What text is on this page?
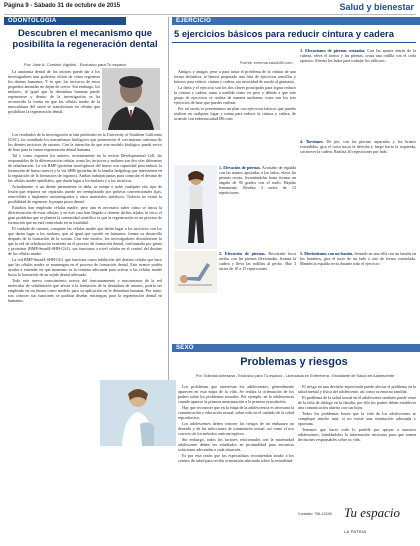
Página 9 - Sábado 31 de octubre de 2015	Salud y bienestar
ODONTOLOGÍA
Descubren el mecanismo que posibilita la regeneración dental
Por: José A. Corsinin Vigiolini - Exclusivo para Tu espacio

La anatomía dental de los ratones puede dar a los investigadores una poderosa visión de cómo regenerar los dientes humanos. Y es que, los incisivos de estos pequeños animales no dejan de crecer. Sin embargo, los molares, al igual que la dentadura humana puede regenerarse y dentro de la investigación se ha reconocido la forma en que las células madre de la musculatura del ratón se transforman en células que posibilitan la regeneración dental.

Los resultados de la investigación se han publicado en la University of Southern California (USC), los estudiado los mecanismos biológicos que promueven el crecimiento continuo de los dientes incisivos de ratones. Con la intención de que este modelo biológico pueda servir de base para la futura regeneración dental humana.

Tal y como exponen los autores, recientemente en la revista Developmental Cell, las responsables de la diferenciación celular como los incisivos y molares son dos vías diferentes de señalización. La vía BMP (proteína morfogénica del hueso con capacidad para inducir la formación de hueso nuevo) y la vía SHH (proteína de la familia hedgehog que intervienen en la regulación de la formación de órganos). Ambas trabajan juntas para controlar el destino de las células madre epiteliales, que darán lugar a los molares y a los incisivos.

Actualmente, si un diente permanente se daña, se rompe o sufre cualquier otro tipo de lesión que requiera ser reparado, puede ser reemplazado por prótesis convencionales fijas, removibles o implantes oseointegrados y otros materiales sintéticos. Todavía no existe la posibilidad de regenerar la propia pieza dental.

Estudios han empleado células madre, pero aún es necesario saber cómo se inicia la diferenciación de estas células; y en este caso han llegado a obtener dichos tejidos in vitro; el gran problema que se plantea la comunidad científica es que la regeneración es un proceso de formación que no está controlado en su totalidad.

El cuidado de ratones, comparte las células madre que darán lugar a los incisivos con los que darán lugar a los molares, que al igual que sucede en humanos, frenan su desarrollo después de la formación de la corona. Con este motivo, los investigadores descubrieron lo que la red de señalización existente en el proceso de formación dental, conformada por genes y proteínas (BMP-Smad4-SHH-Gli1), sus funciones a nivel celular en el control del destino de las células madre.

La red BMP-Smad4-SHH-Gli1 que funciona como inhibición del destino celular que hace que las células madre se mantengan en el proceso de formación dental. Este avance podría ayudar a entender en qué momento es la ventana adecuada para activar a las células madre hacia la formación de un tejido dental adecuado.

Todo este nuevo conocimiento acerca del funcionamiento y mecanismos de la red molecular de señalización que afecta a la formación de la dentadura de ratones, podría ser empleado en un futuro como modelo para su aplicación en la dentadura humana. Por tanto, tras conocer sus funciones se podrían diseñar estrategias para la regeneración dental en humanos.

EJERCICIO
5 ejercicios básicos para reducir cintura y cadera
Fuente: enforma.salud180.com

Amigos y amigas, pese a para tratar el problema de la cintura de una forma definitiva, te hemos preparado una lista de ejercicios sencillos y básicos para reducir cintura y cadera, sin necesidad de acudir al gimnasio.

La dieta y el ejercicio son los dos claves principales para lograr reducir la cintura y cadera, tanto a medida como en peso y debido a que este grupo de ejercicios se realiza de manera uniforme, estos son los tres ejercicios de base que puedes realizar.

Por tal razón, te presentamos un plan con ejercicios básicos que puedes realizar en cualquier lugar y rutina para reducir la cintura y cadera, de acuerdo con enforma.salud180.com:

1. Elevación de piernas. Acostado de espalda con las manos apoyadas a los lados, eleva las piernas rectas, levantándolas hasta formar un ángulo de 90 grados con el suelo. Bájalas lentamente. Realiza 3 series de 12 repeticiones.
2. Elevación de piernas. Recostado boca arriba, con las piernas flexionadas, levanta la cadera y lleva las rodillas al pecho. Haz 3 series de 10 a 15 repeticiones.
3. Elevaciones de piernas cruzadas. Con las manos detrás de la cabeza, eleva el tronco y las piernas, cruza una rodilla con el codo opuesto. Alterna los lados para trabajar los oblicuos.
4. Torsiones. De pie, con las piernas separadas y los brazos extendidos, gira el torso hacia la derecha y luego hacia la izquierda, sin mover la cadera. Realiza 20 repeticiones por lado.
5. Movimientos con un bastón. Sentado en una silla con un bastón en los hombros, gira el torso de un lado a otro de forma controlada. Mantén la espalda recta durante todo el ejercicio.
SEXO
Problemas y riesgos
Por: Soledad Antezana - Exclusivo para Tu espacio - Licenciada en Enfermería - Estudiante de Salud del Adolescente

Los problemas que atraviesan los adolescentes, generalmente aparecen en esta etapa de la vida. Se realiza la orientación de los padres sobre los problemas sexuales. Por ejemplo, en la adolescencia cuando aparece la primera menstruación o la primera eyaculación.

Hay que reconocer que en la etapa de la adolescencia es necesaria la comunicación y educación sexual, sobre todo en el cuidado de la salud reproductiva.

Los adolescentes deben conocer los riesgos de un embarazo no deseado y de las infecciones de transmisión sexual, así como el uso correcto de los métodos anticonceptivos.

Sin embargo, todos los factores relacionados con la maternidad adolescente deben ser estudiados en profundidad para encontrar soluciones adecuadas a cada situación.

Es por esta razón que los especialistas recomiendan acudir a los centros de salud para recibir orientación adecuada sobre la sexualidad.

El riesgo en una decisión equivocada puede afectar el problema en la salud mental y física del adolescente, así como su entorno familiar.

El problema de la salud sexual en el adolescente también puede venir de la falta de diálogo en la familia, por ello los padres deben establecer una comunicación abierta con sus hijos.

Todos los problemas hacen que la vida de los adolescentes se complique mucho más, si no existe una orientación adecuada y oportuna.

Tenemos que hacer todo lo posible por apoyar a nuestros adolescentes, brindándoles la información necesaria para que tomen decisiones responsables sobre su vida.

Contacto: 756-10245 Tu espacio
LA PATRIA
